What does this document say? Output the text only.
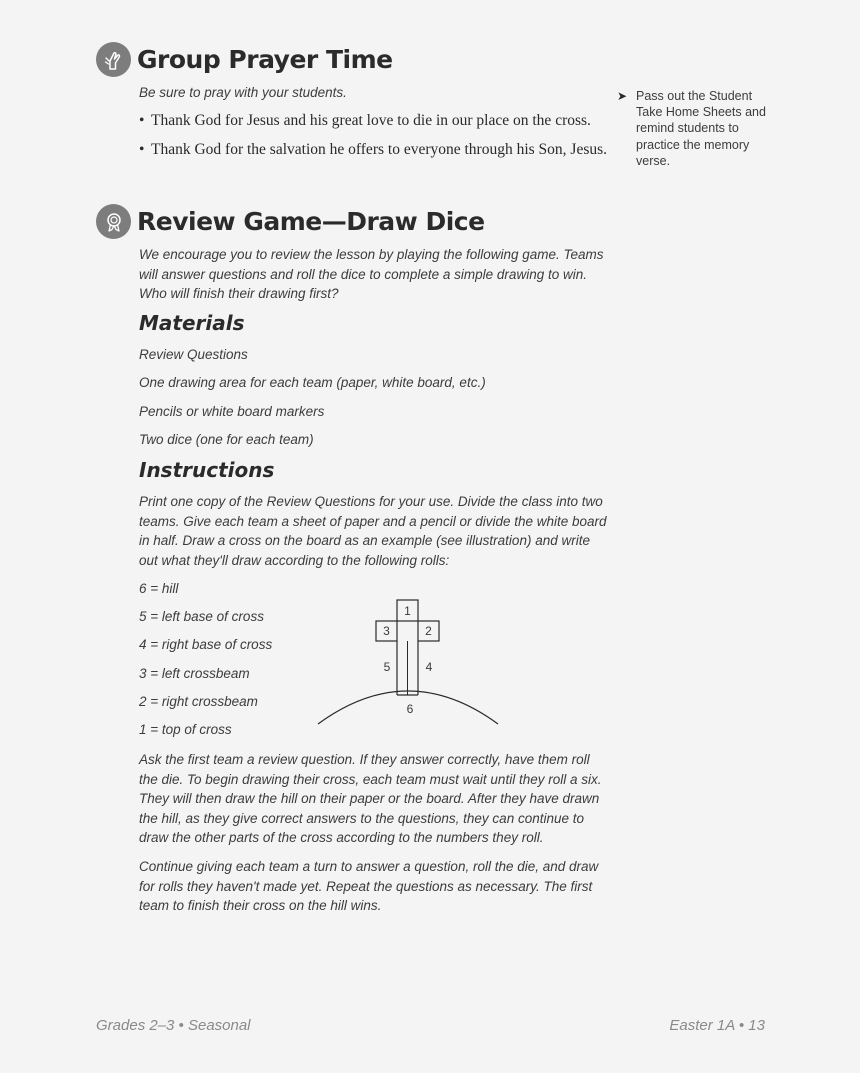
Group Prayer Time
Be sure to pray with your students.
• Thank God for Jesus and his great love to die in our place on the cross.
• Thank God for the salvation he offers to everyone through his Son, Jesus.
➤ Pass out the Student Take Home Sheets and remind students to practice the memory verse.
Review Game—Draw Dice

We encourage you to review the lesson by playing the following game. Teams will answer questions and roll the dice to complete a simple drawing to win. Who will finish their drawing first?

Materials
Review Questions
One drawing area for each team (paper, white board, etc.)
Pencils or white board markers
Two dice (one for each team)
Instructions

Print one copy of the Review Questions for your use. Divide the class into two teams. Give each team a sheet of paper and a pencil or divide the white board in half. Draw a cross on the board as an example (see illustration) and write out what they'll draw according to the following rolls:

6 = hill
5 = left base of cross
4 = right base of cross
3 = left crossbeam
2 = right crossbeam
1 = top of cross
1
2
3
4
5
6

Ask the first team a review question. If they answer correctly, have them roll the die. To begin drawing their cross, each team must wait until they roll a six. They will then draw the hill on their paper or the board. After they have drawn the hill, as they give correct answers to the questions, they can continue to draw the other parts of the cross according to the numbers they roll.

Continue giving each team a turn to answer a question, roll the die, and draw for rolls they haven't made yet. Repeat the questions as necessary. The first team to finish their cross on the hill wins.

Grades 2–3 • Seasonal	Easter 1A • 13
